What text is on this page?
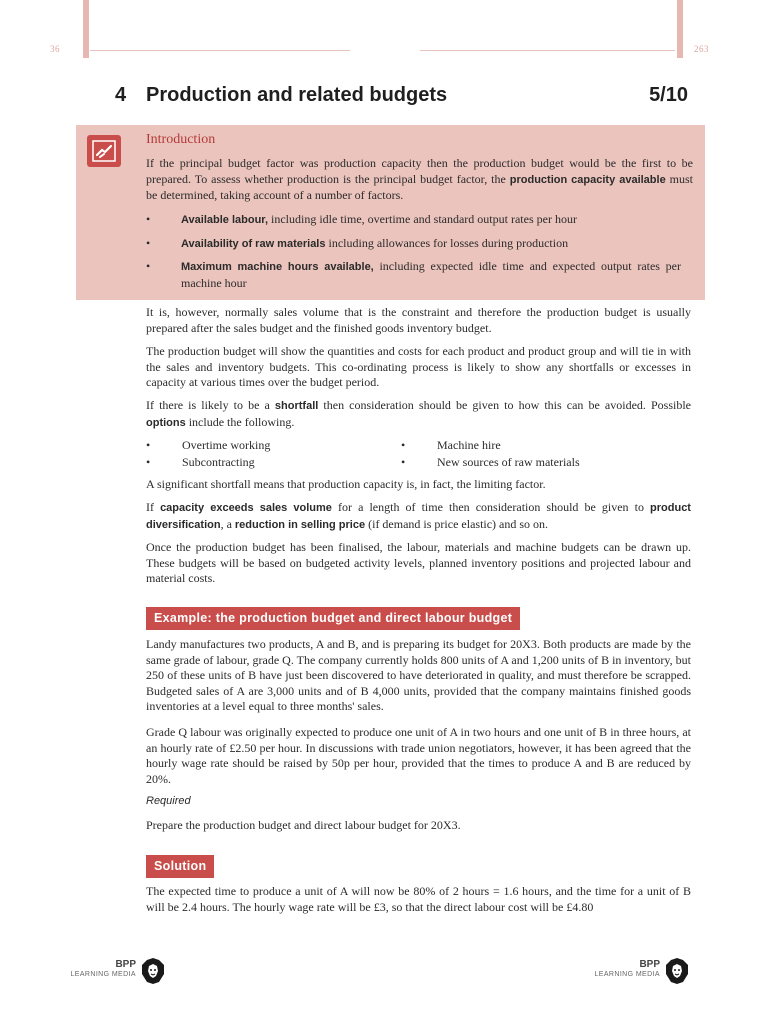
36	263
4 Production and related budgets	5/10
Introduction
If the principal budget factor was production capacity then the production budget would be the first to be prepared. To assess whether production is the principal budget factor, the production capacity available must be determined, taking account of a number of factors.
•	Available labour, including idle time, overtime and standard output rates per hour
•	Availability of raw materials including allowances for losses during production
•	Maximum machine hours available, including expected idle time and expected output rates per machine hour
It is, however, normally sales volume that is the constraint and therefore the production budget is usually prepared after the sales budget and the finished goods inventory budget.
The production budget will show the quantities and costs for each product and product group and will tie in with the sales and inventory budgets. This co-ordinating process is likely to show any shortfalls or excesses in capacity at various times over the budget period.
If there is likely to be a shortfall then consideration should be given to how this can be avoided. Possible options include the following.
•	Overtime working
•	Subcontracting
•	Machine hire
•	New sources of raw materials
A significant shortfall means that production capacity is, in fact, the limiting factor.
If capacity exceeds sales volume for a length of time then consideration should be given to product diversification, a reduction in selling price (if demand is price elastic) and so on.
Once the production budget has been finalised, the labour, materials and machine budgets can be drawn up. These budgets will be based on budgeted activity levels, planned inventory positions and projected labour and material costs.
Example: the production budget and direct labour budget
Landy manufactures two products, A and B, and is preparing its budget for 20X3. Both products are made by the same grade of labour, grade Q. The company currently holds 800 units of A and 1,200 units of B in inventory, but 250 of these units of B have just been discovered to have deteriorated in quality, and must therefore be scrapped. Budgeted sales of A are 3,000 units and of B 4,000 units, provided that the company maintains finished goods inventories at a level equal to three months' sales.
Grade Q labour was originally expected to produce one unit of A in two hours and one unit of B in three hours, at an hourly rate of £2.50 per hour. In discussions with trade union negotiators, however, it has been agreed that the hourly wage rate should be raised by 50p per hour, provided that the times to produce A and B are reduced by 20%.
Required
Prepare the production budget and direct labour budget for 20X3.
Solution
The expected time to produce a unit of A will now be 80% of 2 hours = 1.6 hours, and the time for a unit of B will be 2.4 hours. The hourly wage rate will be £3, so that the direct labour cost will be £4.80
BPP
LEARNING MEDIA
BPP
LEARNING MEDIA
